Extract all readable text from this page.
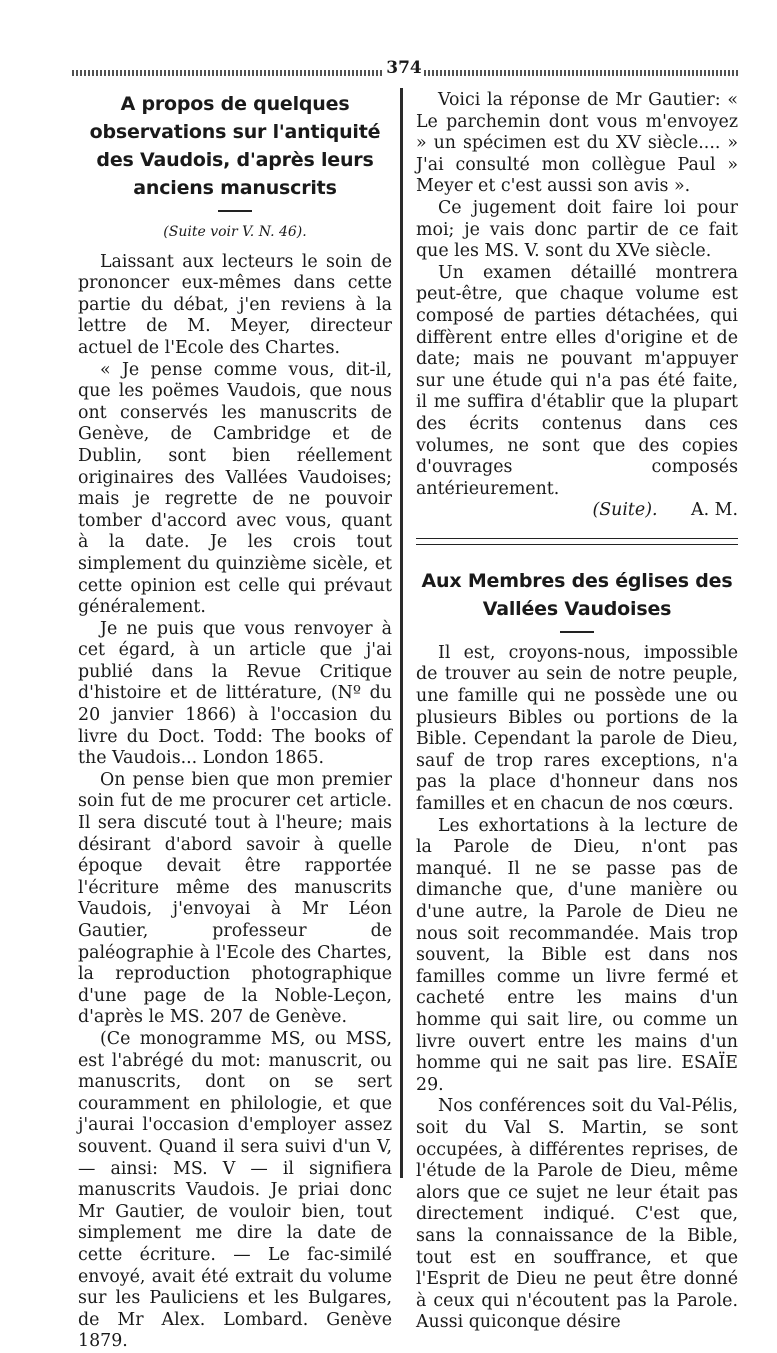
374
A propos de quelques observations sur l'antiquité des Vaudois, d'après leurs anciens manuscrits

(Suite voir V. N. 46).

Laissant aux lecteurs le soin de prononcer eux-mêmes dans cette partie du débat, j'en reviens à la lettre de M. Meyer, directeur actuel de l'Ecole des Chartes.

« Je pense comme vous, dit-il, que les poëmes Vaudois, que nous ont conservés les manuscrits de Genève, de Cambridge et de Dublin, sont bien réellement originaires des Vallées Vaudoises; mais je regrette de ne pouvoir tomber d'accord avec vous, quant à la date. Je les crois tout simplement du quinzième sicèle, et cette opinion est celle qui prévaut généralement.

Je ne puis que vous renvoyer à cet égard, à un article que j'ai publié dans la Revue Critique d'histoire et de littérature, (Nº du 20 janvier 1866) à l'occasion du livre du Doct. Todd: The books of the Vaudois... London 1865.

On pense bien que mon premier soin fut de me procurer cet article. Il sera discuté tout à l'heure; mais désirant d'abord savoir à quelle époque devait être rapportée l'écriture même des manuscrits Vaudois, j'envoyai à Mr Léon Gautier, professeur de paléographie à l'Ecole des Chartes, la reproduction photographique d'une page de la Noble-Leçon, d'après le MS. 207 de Genève.

(Ce monogramme MS, ou MSS, est l'abrégé du mot: manuscrit, ou manuscrits, dont on se sert couramment en philologie, et que j'aurai l'occasion d'employer assez souvent. Quand il sera suivi d'un V, — ainsi: MS. V — il signifiera manuscrits Vaudois. Je priai donc Mr Gautier, de vouloir bien, tout simplement me dire la date de cette écriture. — Le fac-similé envoyé, avait été extrait du volume sur les Pauliciens et les Bulgares, de Mr Alex. Lombard. Genève 1879.

Voici la réponse de Mr Gautier: « Le parchemin dont vous m'envoyez » un spécimen est du XV siècle.... » J'ai consulté mon collègue Paul » Meyer et c'est aussi son avis ».

Ce jugement doit faire loi pour moi; je vais donc partir de ce fait que les MS. V. sont du XVe siècle.

Un examen détaillé montrera peut-être, que chaque volume est composé de parties détachées, qui diffèrent entre elles d'origine et de date; mais ne pouvant m'appuyer sur une étude qui n'a pas été faite, il me suffira d'établir que la plupart des écrits contenus dans ces volumes, ne sont que des copies d'ouvrages composés antérieurement.

(Suite). A. M.

Aux Membres des églises des Vallées Vaudoises

Il est, croyons-nous, impossible de trouver au sein de notre peuple, une famille qui ne possède une ou plusieurs Bibles ou portions de la Bible. Cependant la parole de Dieu, sauf de trop rares exceptions, n'a pas la place d'honneur dans nos familles et en chacun de nos cœurs.

Les exhortations à la lecture de la Parole de Dieu, n'ont pas manqué. Il ne se passe pas de dimanche que, d'une manière ou d'une autre, la Parole de Dieu ne nous soit recommandée. Mais trop souvent, la Bible est dans nos familles comme un livre fermé et cacheté entre les mains d'un homme qui sait lire, ou comme un livre ouvert entre les mains d'un homme qui ne sait pas lire. ESAÏE 29.

Nos conférences soit du Val-Pélis, soit du Val S. Martin, se sont occupées, à différentes reprises, de l'étude de la Parole de Dieu, même alors que ce sujet ne leur était pas directement indiqué. C'est que, sans la connaissance de la Bible, tout est en souffrance, et que l'Esprit de Dieu ne peut être donné à ceux qui n'écoutent pas la Parole. Aussi quiconque désire
